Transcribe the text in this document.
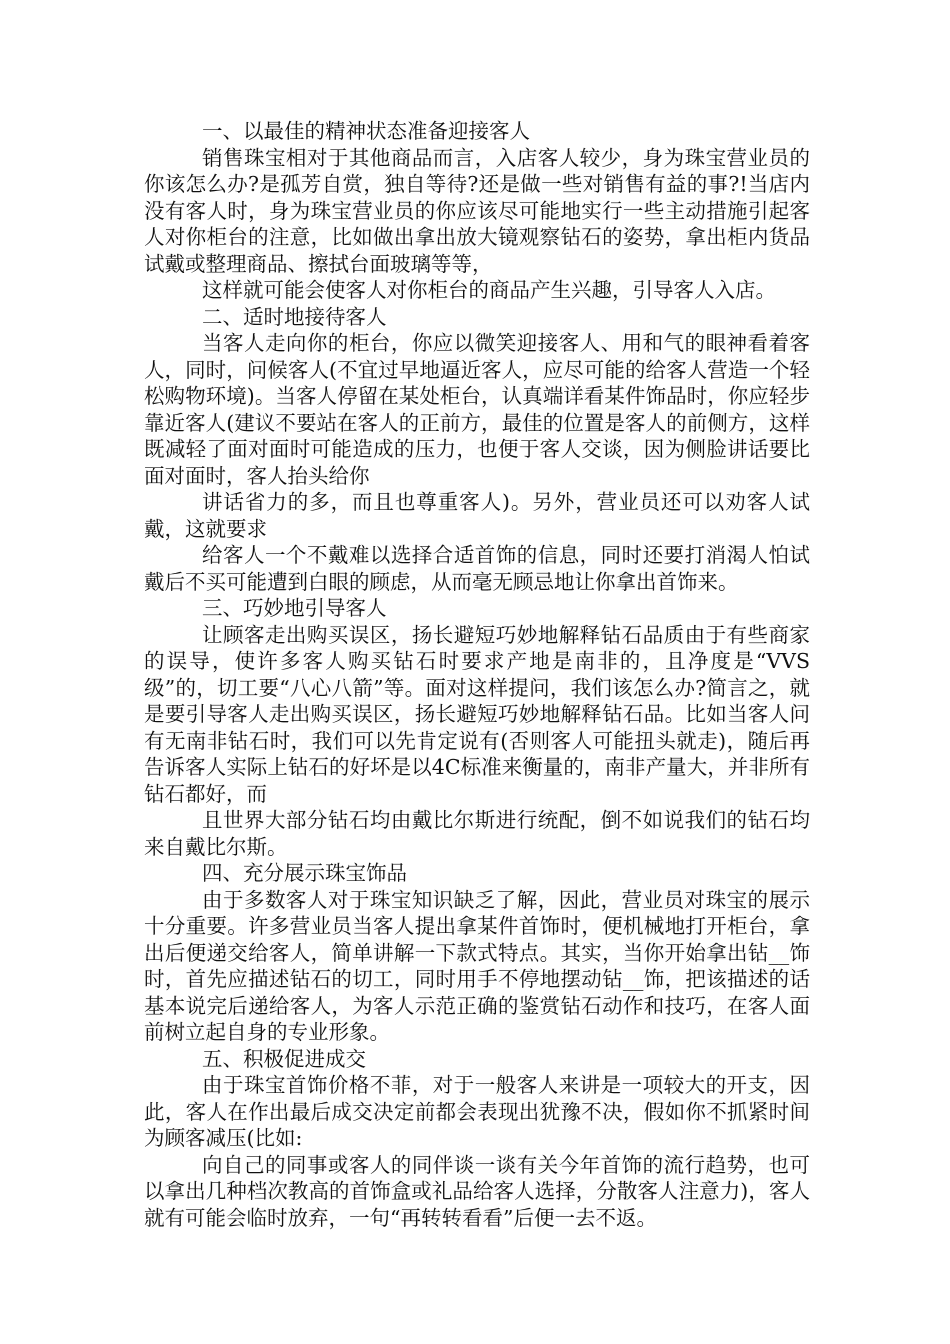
一、以最佳的精神状态准备迎接客人

销售珠宝相对于其他商品而言，入店客人较少，身为珠宝营业员的你该怎么办?是孤芳自赏，独自等待?还是做一些对销售有益的事?!当店内没有客人时，身为珠宝营业员的你应该尽可能地实行一些主动措施引起客人对你柜台的注意，比如做出拿出放大镜观察钻石的姿势，拿出柜内货品试戴或整理商品、擦拭台面玻璃等等，

这样就可能会使客人对你柜台的商品产生兴趣，引导客人入店。

二、适时地接待客人

当客人走向你的柜台，你应以微笑迎接客人、用和气的眼神看着客人，同时，问候客人(不宜过早地逼近客人，应尽可能的给客人营造一个轻松购物环境)。当客人停留在某处柜台，认真端详看某件饰品时，你应轻步靠近客人(建议不要站在客人的正前方，最佳的位置是客人的前侧方，这样既减轻了面对面时可能造成的压力，也便于客人交谈，因为侧脸讲话要比面对面时，客人抬头给你

讲话省力的多，而且也尊重客人)。另外，营业员还可以劝客人试戴，这就要求

给客人一个不戴难以选择合适首饰的信息，同时还要打消渴人怕试戴后不买可能遭到白眼的顾虑，从而毫无顾忌地让你拿出首饰来。

三、巧妙地引导客人

让顾客走出购买误区，扬长避短巧妙地解释钻石品质由于有些商家的误导，使许多客人购买钻石时要求产地是南非的，且净度是“VVS级”的，切工要“八心八箭”等。面对这样提问，我们该怎么办?简言之，就是要引导客人走出购买误区，扬长避短巧妙地解释钻石品。比如当客人问有无南非钻石时，我们可以先肯定说有(否则客人可能扭头就走)，随后再告诉客人实际上钻石的好坏是以4C标准来衡量的，南非产量大，并非所有钻石都好，而

且世界大部分钻石均由戴比尔斯进行统配，倒不如说我们的钻石均来自戴比尔斯。

四、充分展示珠宝饰品

由于多数客人对于珠宝知识缺乏了解，因此，营业员对珠宝的展示十分重要。许多营业员当客人提出拿某件首饰时，便机械地打开柜台，拿出后便递交给客人，简单讲解一下款式特点。其实，当你开始拿出钻__饰时，首先应描述钻石的切工，同时用手不停地摆动钻__饰，把该描述的话基本说完后递给客人，为客人示范正确的鉴赏钻石动作和技巧，在客人面前树立起自身的专业形象。

五、积极促进成交

由于珠宝首饰价格不菲，对于一般客人来讲是一项较大的开支，因此，客人在作出最后成交决定前都会表现出犹豫不决，假如你不抓紧时间为顾客减压(比如:

向自己的同事或客人的同伴谈一谈有关今年首饰的流行趋势，也可以拿出几种档次教高的首饰盒或礼品给客人选择，分散客人注意力)，客人就有可能会临时放弃，一句“再转转看看”后便一去不返。
